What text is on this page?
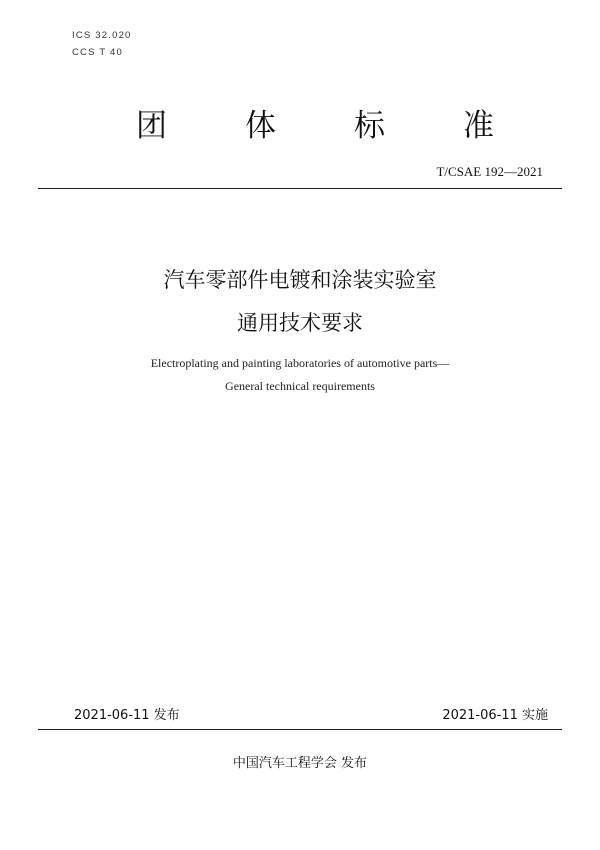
ICS 32.020
CCS T 40
团	体	标	准
T/CSAE 192—2021
汽车零部件电镀和涂装实验室
通用技术要求
Electroplating and painting laboratories of automotive parts—
General technical requirements
2021-06-11 发布	2021-06-11 实施
中国汽车工程学会 发布
